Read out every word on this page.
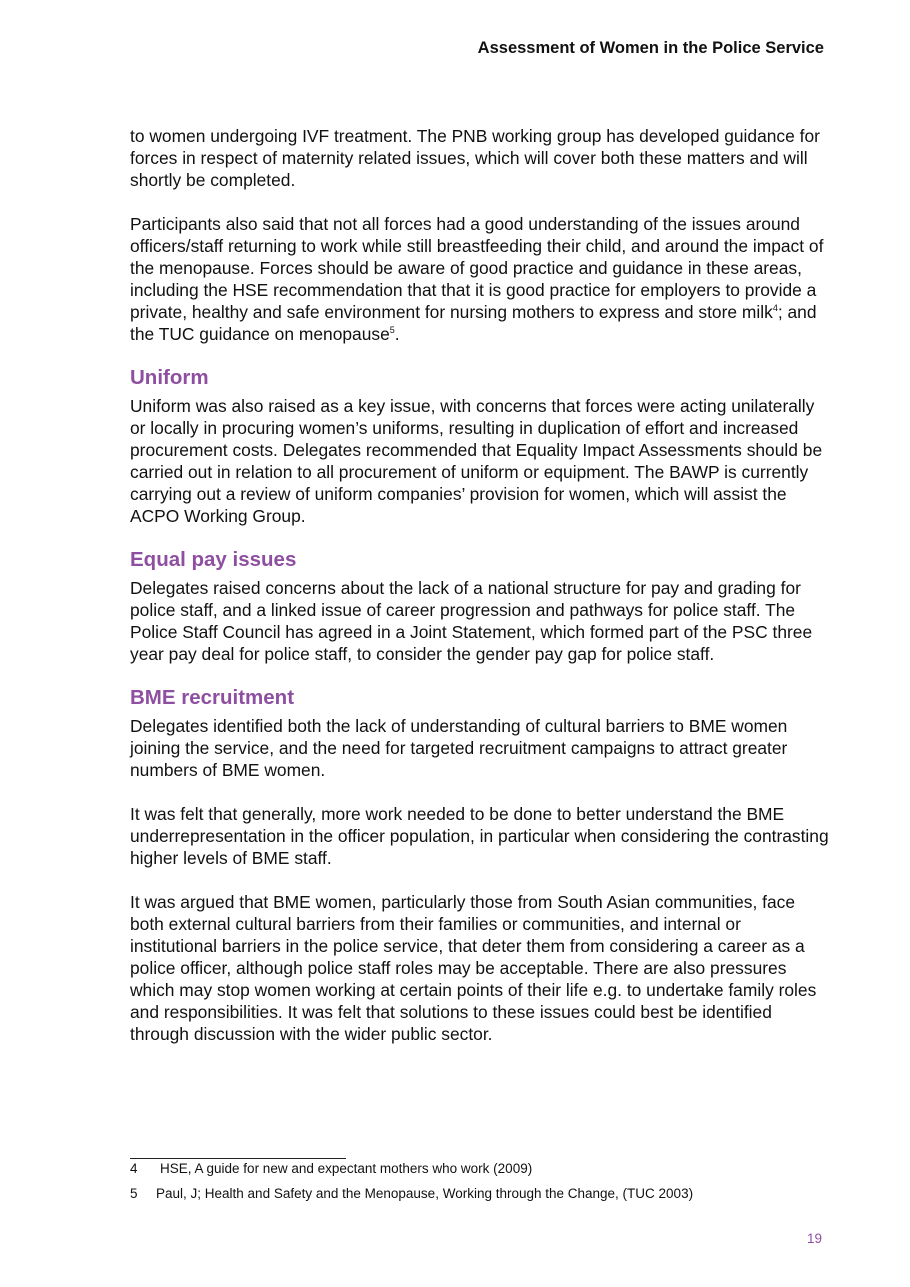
Assessment of Women in the Police Service

to women undergoing IVF treatment. The PNB working group has developed guidance for forces in respect of maternity related issues, which will cover both these matters and will shortly be completed.

Participants also said that not all forces had a good understanding of the issues around officers/staff returning to work while still breastfeeding their child, and around the impact of the menopause. Forces should be aware of good practice and guidance in these areas, including the HSE recommendation that that it is good practice for employers to provide a private, healthy and safe environment for nursing mothers to express and store milk$^4$; and the TUC guidance on menopause$^5$.

Uniform

Uniform was also raised as a key issue, with concerns that forces were acting unilaterally or locally in procuring women’s uniforms, resulting in duplication of effort and increased procurement costs. Delegates recommended that Equality Impact Assessments should be carried out in relation to all procurement of uniform or equipment. The BAWP is currently carrying out a review of uniform companies’ provision for women, which will assist the ACPO Working Group.

Equal pay issues

Delegates raised concerns about the lack of a national structure for pay and grading for police staff, and a linked issue of career progression and pathways for police staff. The Police Staff Council has agreed in a Joint Statement, which formed part of the PSC three year pay deal for police staff, to consider the gender pay gap for police staff.

BME recruitment

Delegates identified both the lack of understanding of cultural barriers to BME women joining the service, and the need for targeted recruitment campaigns to attract greater numbers of BME women.

It was felt that generally, more work needed to be done to better understand the BME underrepresentation in the officer population, in particular when considering the contrasting higher levels of BME staff.

It was argued that BME women, particularly those from South Asian communities, face both external cultural barriers from their families or communities, and internal or institutional barriers in the police service, that deter them from considering a career as a police officer, although police staff roles may be acceptable. There are also pressures which may stop women working at certain points of their life e.g. to undertake family roles and responsibilities. It was felt that solutions to these issues could best be identified through discussion with the wider public sector.

4 HSE, A guide for new and expectant mothers who work (2009)
5 Paul, J; Health and Safety and the Menopause, Working through the Change, (TUC 2003)
19
